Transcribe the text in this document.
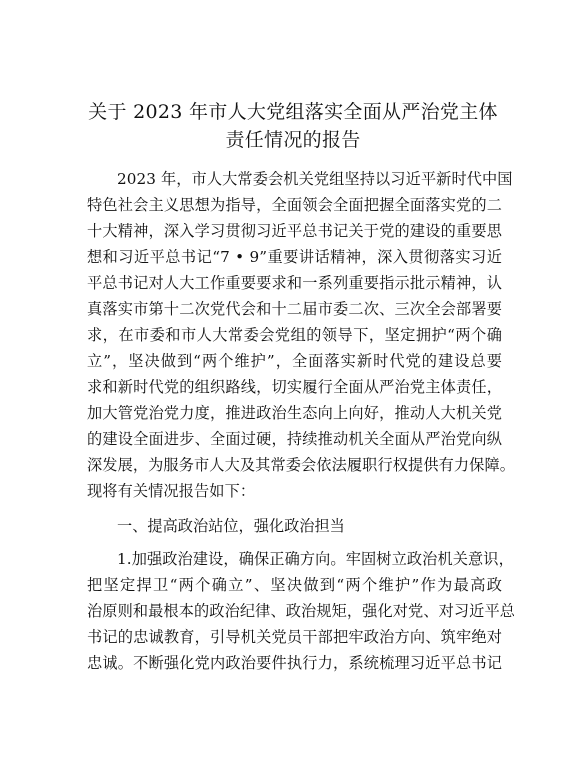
关于 2023 年市人大党组落实全面从严治党主体
责任情况的报告
2023 年，市人大常委会机关党组坚持以习近平新时代中国
特色社会主义思想为指导，全面领会全面把握全面落实党的二
十大精神，深入学习贯彻习近平总书记关于党的建设的重要思
想和习近平总书记“7 • 9”重要讲话精神，深入贯彻落实习近
平总书记对人大工作重要要求和一系列重要指示批示精神，认
真落实市第十二次党代会和十二届市委二次、三次全会部署要
求，在市委和市人大常委会党组的领导下，坚定拥护“两个确
立”，坚决做到“两个维护”，全面落实新时代党的建设总要
求和新时代党的组织路线，切实履行全面从严治党主体责任，
加大管党治党力度，推进政治生态向上向好，推动人大机关党
的建设全面进步、全面过硬，持续推动机关全面从严治党向纵
深发展，为服务市人大及其常委会依法履职行权提供有力保障。
现将有关情况报告如下：
一、提高政治站位，强化政治担当
1.加强政治建设，确保正确方向。牢固树立政治机关意识，
把坚定捍卫“两个确立”、坚决做到“两个维护”作为最高政
治原则和最根本的政治纪律、政治规矩，强化对党、对习近平总
书记的忠诚教育，引导机关党员干部把牢政治方向、筑牢绝对
忠诚。不断强化党内政治要件执行力，系统梳理习近平总书记
